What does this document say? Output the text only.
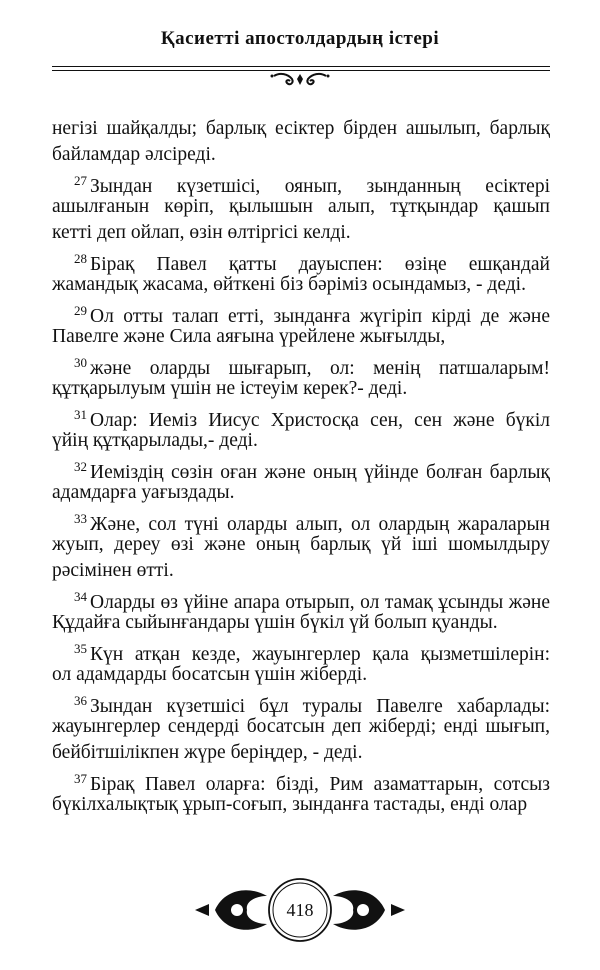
Қасиетті апостолдардың істері
негізі шайқалды; барлық есіктер бірден ашылып, барлық
байламдар әлсіреді.
$^{27}$ Зындан күзетшісі, оянып, зынданның есіктері
ашылғанын көріп, қылышын алып, тұтқындар қашып
кетті деп ойлап, өзін өлтіргісі келді.
$^{28}$ Бірақ Павел қатты дауыспен: өзіңе ешқандай
жамандық жасама, өйткені біз бәріміз осындамыз, - деді.
$^{29}$ Ол отты талап етті, зынданға жүгіріп кірді де және
Павелге және Сила аяғына үрейлене жығылды,
$^{30}$ және оларды шығарып, ол: менің патшаларым!
құтқарылуым үшін не істеуім керек?- деді.
$^{31}$ Олар: Иеміз Иисус Христосқа сен, сен және бүкіл
үйің құтқарылады,- деді.
$^{32}$ Иеміздің сөзін оған және оның үйінде болған барлық
адамдарға уағыздады.
$^{33}$ Және, сол түні оларды алып, ол олардың жараларын
жуып, дереу өзі және оның барлық үй іші шомылдыру
рәсімінен өтті.
$^{34}$ Оларды өз үйіне апара отырып, ол тамақ ұсынды және
Құдайға сыйынғандары үшін бүкіл үй болып қуанды.
$^{35}$ Күн атқан кезде, жауынгерлер қала қызметшілерін:
ол адамдарды босатсын үшін жіберді.
$^{36}$ Зындан күзетшісі бұл туралы Павелге хабарлады:
жауынгерлер сендерді босатсын деп жіберді; енді шығып,
бейбітшілікпен жүре беріңдер, - деді.
$^{37}$ Бірақ Павел оларға: бізді, Рим азаматтарын, сотсыз
бүкілхалықтық ұрып-соғып, зынданға тастады, енді олар
418
